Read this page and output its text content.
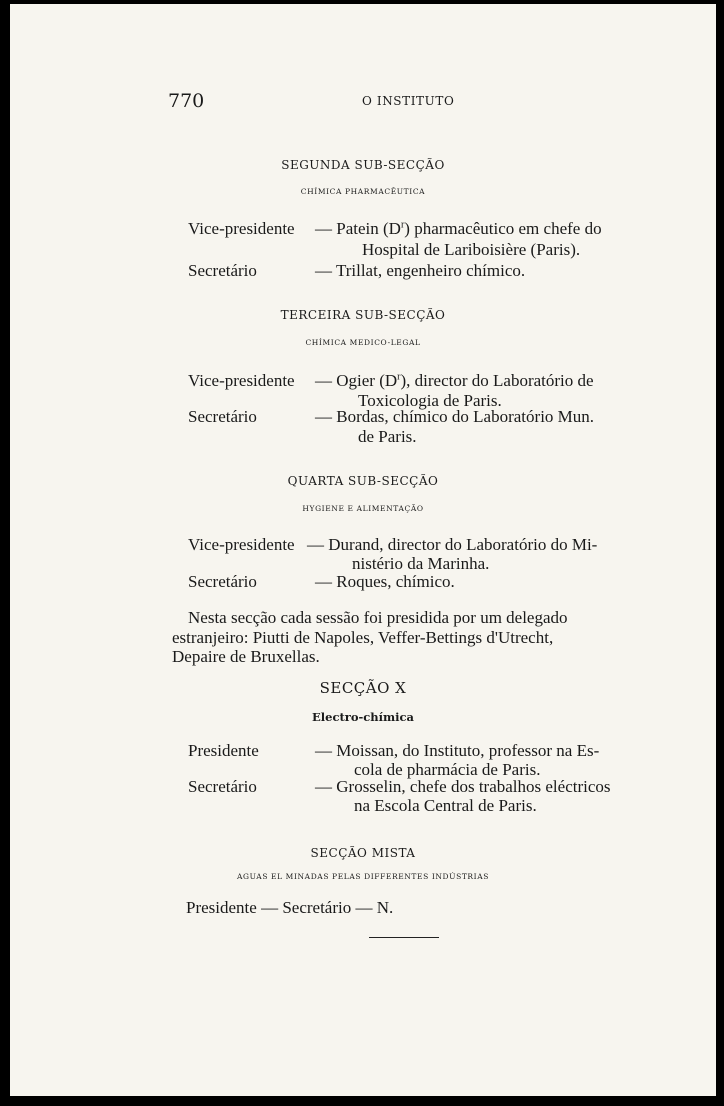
770	O INSTITUTO
SEGUNDA SUB-SECÇÃO
CHÍMICA PHARMACÊUTICA
Vice-presidente — Patein $(D^r)$ pharmacêutico em chefe do
Hospital de Lariboisière (Paris).
Secretário	— Trillat, engenheiro chímico.
TERCEIRA SUB-SECÇÃO
CHÍMICA MEDICO-LEGAL
Vice-presidente — Ogier $(D^r)$, director do Laboratório de
Toxicologia de Paris.
Secretário	— Bordas, chímico do Laboratório Mun.
de Paris.
QUARTA SUB-SECÇÃO
HYGIENE E ALIMENTAÇÃO
Vice-presidente — Durand, director do Laboratório do Mi-
nistério da Marinha.
Secretário	— Roques, chímico.
Nesta secção cada sessão foi presidida por um delegado
estranjeiro: Piutti de Napoles, Veffer-Bettings d'Utrecht,
Depaire de Bruxellas.
SECÇÃO X
Electro-chímica
Presidente	— Moissan, do Instituto, professor na Es-
cola de pharmácia de Paris.
Secretário	— Grosselin, chefe dos trabalhos eléctricos
na Escola Central de Paris.
SECÇÃO MISTA
AGUAS EL MINADAS PELAS DIFFERENTES INDÚSTRIAS
Presidente — Secretário — N.
